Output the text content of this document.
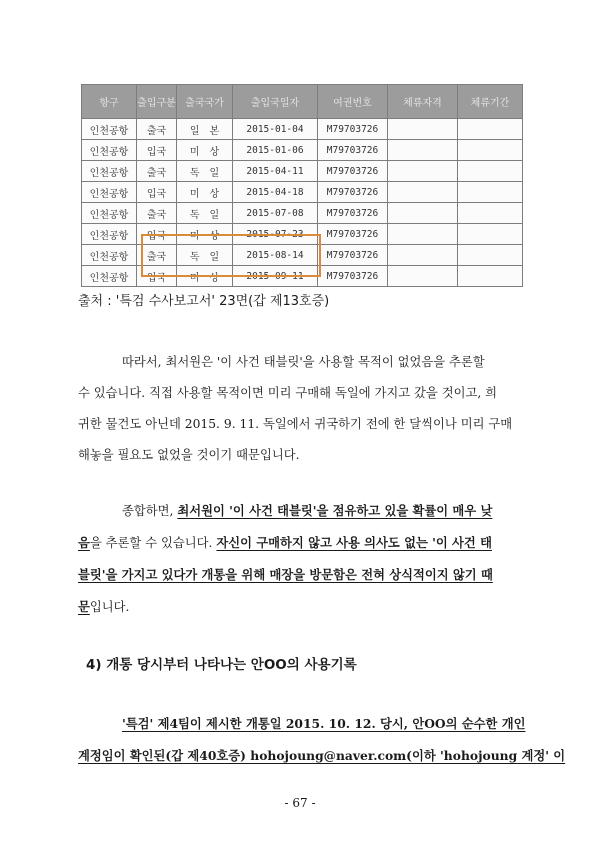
항구	출입구분	출국국가	출입국일자	여권번호	체류자격	체류기간
인천공항	출국	일　본	2015-01-04	M79703726		
인천공항	입국	미　상	2015-01-06	M79703726		
인천공항	출국	독　일	2015-04-11	M79703726		
인천공항	입국	미　상	2015-04-18	M79703726		
인천공항	출국	독　일	2015-07-08	M79703726		
인천공항	입국	미　상	2015-07-23	M79703726		
인천공항	출국	독　일	2015-08-14	M79703726		
인천공항	입국	미　상	2015-09-11	M79703726		
출처 : '특검 수사보고서' 23면(갑 제13호증)

따라서, 최서원은 '이 사건 태블릿'을 사용할 목적이 없었음을 추론할
수 있습니다. 직접 사용할 목적이면 미리 구매해 독일에 가지고 갔을 것이고, 희
귀한 물건도 아닌데 2015. 9. 11. 독일에서 귀국하기 전에 한 달씩이나 미리 구매
해놓을 필요도 없었을 것이기 때문입니다.

종합하면, 최서원이 '이 사건 태블릿'을 점유하고 있을 확률이 매우 낮
음을 추론할 수 있습니다. 자신이 구매하지 않고 사용 의사도 없는 '이 사건 태
블릿'을 가지고 있다가 개통을 위해 매장을 방문함은 전혀 상식적이지 않기 때
문입니다.

4) 개통 당시부터 나타나는 안OO의 사용기록

'특검' 제4팀이 제시한 개통일 2015. 10. 12. 당시, 안OO의 순수한 개인
계정임이 확인된(갑 제40호증) hohojoung@naver.com(이하 'hohojoung 계정' 이

- 67 -
